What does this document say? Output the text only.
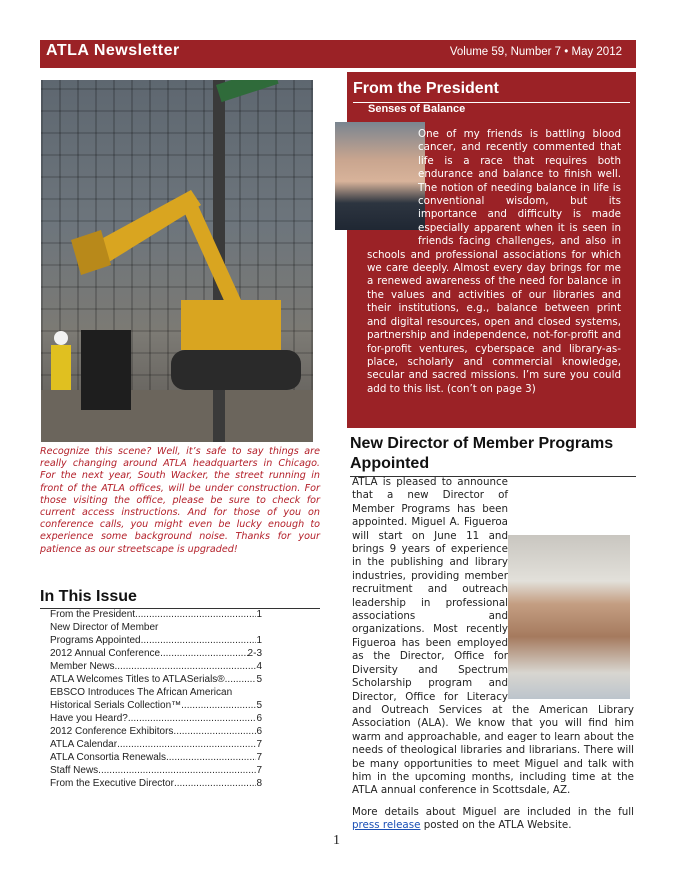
ATLA Newsletter	Volume 59, Number 7 • May 2012
Recognize this scene? Well, it’s safe to say things are really changing around ATLA headquarters in Chicago. For the next year, South Wacker, the street running in front of the ATLA offices, will be under construction. For those visiting the office, please be sure to check for current access instructions. And for those of you on conference calls, you might even be lucky enough to experience some background noise. Thanks for your patience as our streetscape is upgraded!
In This Issue
From the President .....	1
New Director of Member
Programs Appointed .....	1
2012 Annual Conference .....	2-3
Member News .....	4
ATLA Welcomes Titles to ATLASerials® .....	5
EBSCO Introduces The African American
Historical Serials Collection™ .....	5
Have you Heard? .....	6
2012 Conference Exhibitors .....	6
ATLA Calendar .....	7
ATLA Consortia Renewals .....	7
Staff News .....	7
From the Executive Director .....	8
From the President
Senses of Balance
One of my friends is battling blood cancer, and recently commented that life is a race that requires both endurance and balance to finish well. The notion of needing balance in life is conventional wisdom, but its importance and difficulty is made especially apparent when it is seen in friends facing challenges, and also in schools and professional associations for which we care deeply. Almost every day brings for me a renewed awareness of the need for balance in the values and activities of our libraries and their institutions, e.g., balance between print and digital resources, open and closed systems, partnership and independence, not-for-profit and for-profit ventures, cyberspace and library-as-place, scholarly and commercial knowledge, secular and sacred missions. I’m sure you could add to this list. (con’t on page 3)
New Director of Member Programs Appointed

ATLA is pleased to announce that a new Director of Member Programs has been appointed. Miguel A. Figueroa will start on June 11 and brings 9 years of experience in the publishing and library industries, providing member recruitment and outreach leadership in professional associations and organizations. Most recently Figueroa has been employed as the Director, Office for Diversity and Spectrum Scholarship program and Director, Office for Literacy and Outreach Services at the American Library Association (ALA). We know that you will find him warm and approachable, and eager to learn about the needs of theological libraries and librarians. There will be many opportunities to meet Miguel and talk with him in the upcoming months, including time at the ATLA annual conference in Scottsdale, AZ.

More details about Miguel are included in the full press release posted on the ATLA Website.

1
